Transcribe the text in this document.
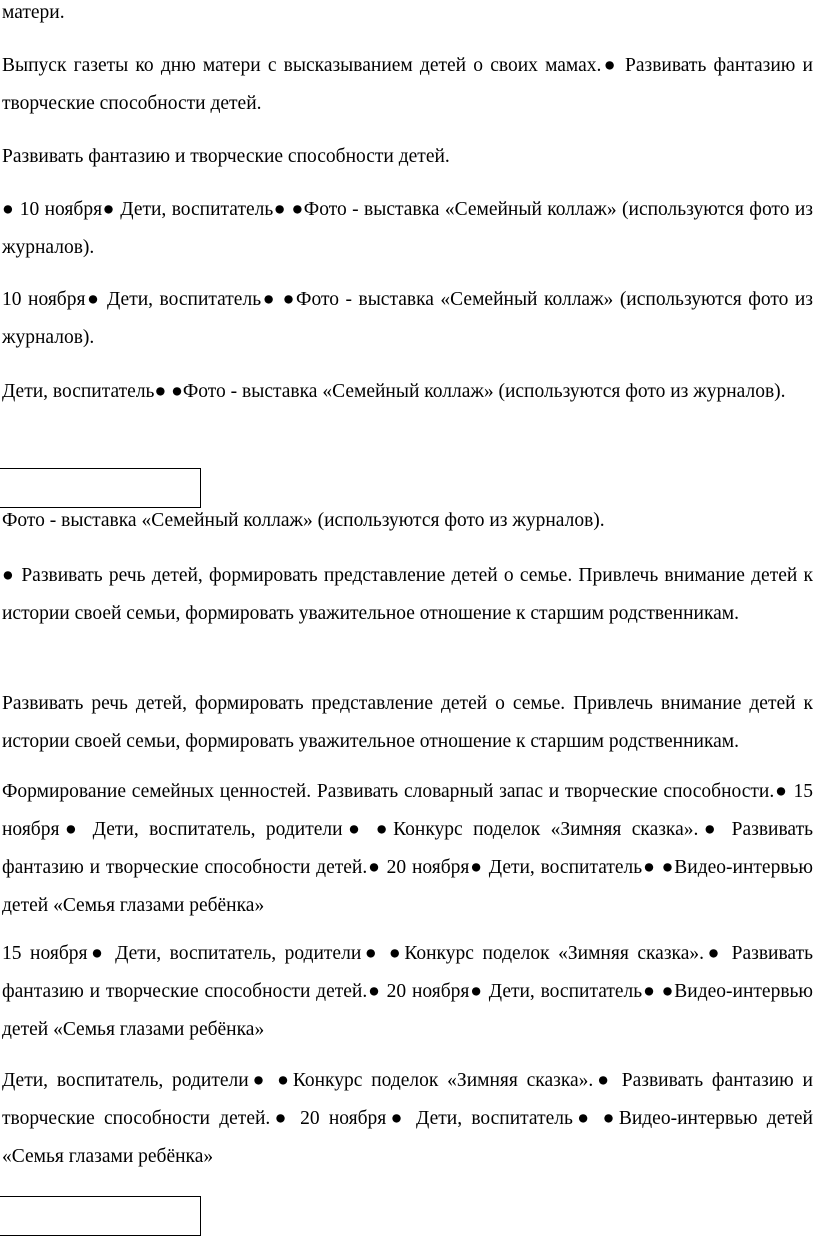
матери.

Выпуск газеты ко дню матери с высказыванием детей о своих мамах.● Развивать фантазию и творческие способности детей.

Развивать фантазию и творческие способности детей.

● 10 ноября● Дети, воспитатель● ●Фото - выставка «Семейный коллаж» (используются фото из журналов).

10 ноября● Дети, воспитатель● ●Фото - выставка «Семейный коллаж» (используются фото из журналов).

Дети, воспитатель● ●Фото - выставка «Семейный коллаж» (используются фото из журналов).

Фото - выставка «Семейный коллаж» (используются фото из журналов).

● Развивать речь детей, формировать представление детей о семье. Привлечь внимание детей к истории своей семьи, формировать уважительное отношение к старшим родственникам.

Развивать речь детей, формировать представление детей о семье. Привлечь внимание детей к истории своей семьи, формировать уважительное отношение к старшим родственникам.

Формирование семейных ценностей. Развивать словарный запас и творческие способности.● 15 ноября● Дети, воспитатель, родители● ●Конкурс поделок «Зимняя сказка».● Развивать фантазию и творческие способности детей.● 20 ноября● Дети, воспитатель● ●Видео-интервью детей «Семья глазами ребёнка»

15 ноября● Дети, воспитатель, родители● ●Конкурс поделок «Зимняя сказка».● Развивать фантазию и творческие способности детей.● 20 ноября● Дети, воспитатель● ●Видео-интервью детей «Семья глазами ребёнка»

Дети, воспитатель, родители● ●Конкурс поделок «Зимняя сказка».● Развивать фантазию и творческие способности детей.● 20 ноября● Дети, воспитатель● ●Видео-интервью детей «Семья глазами ребёнка»
